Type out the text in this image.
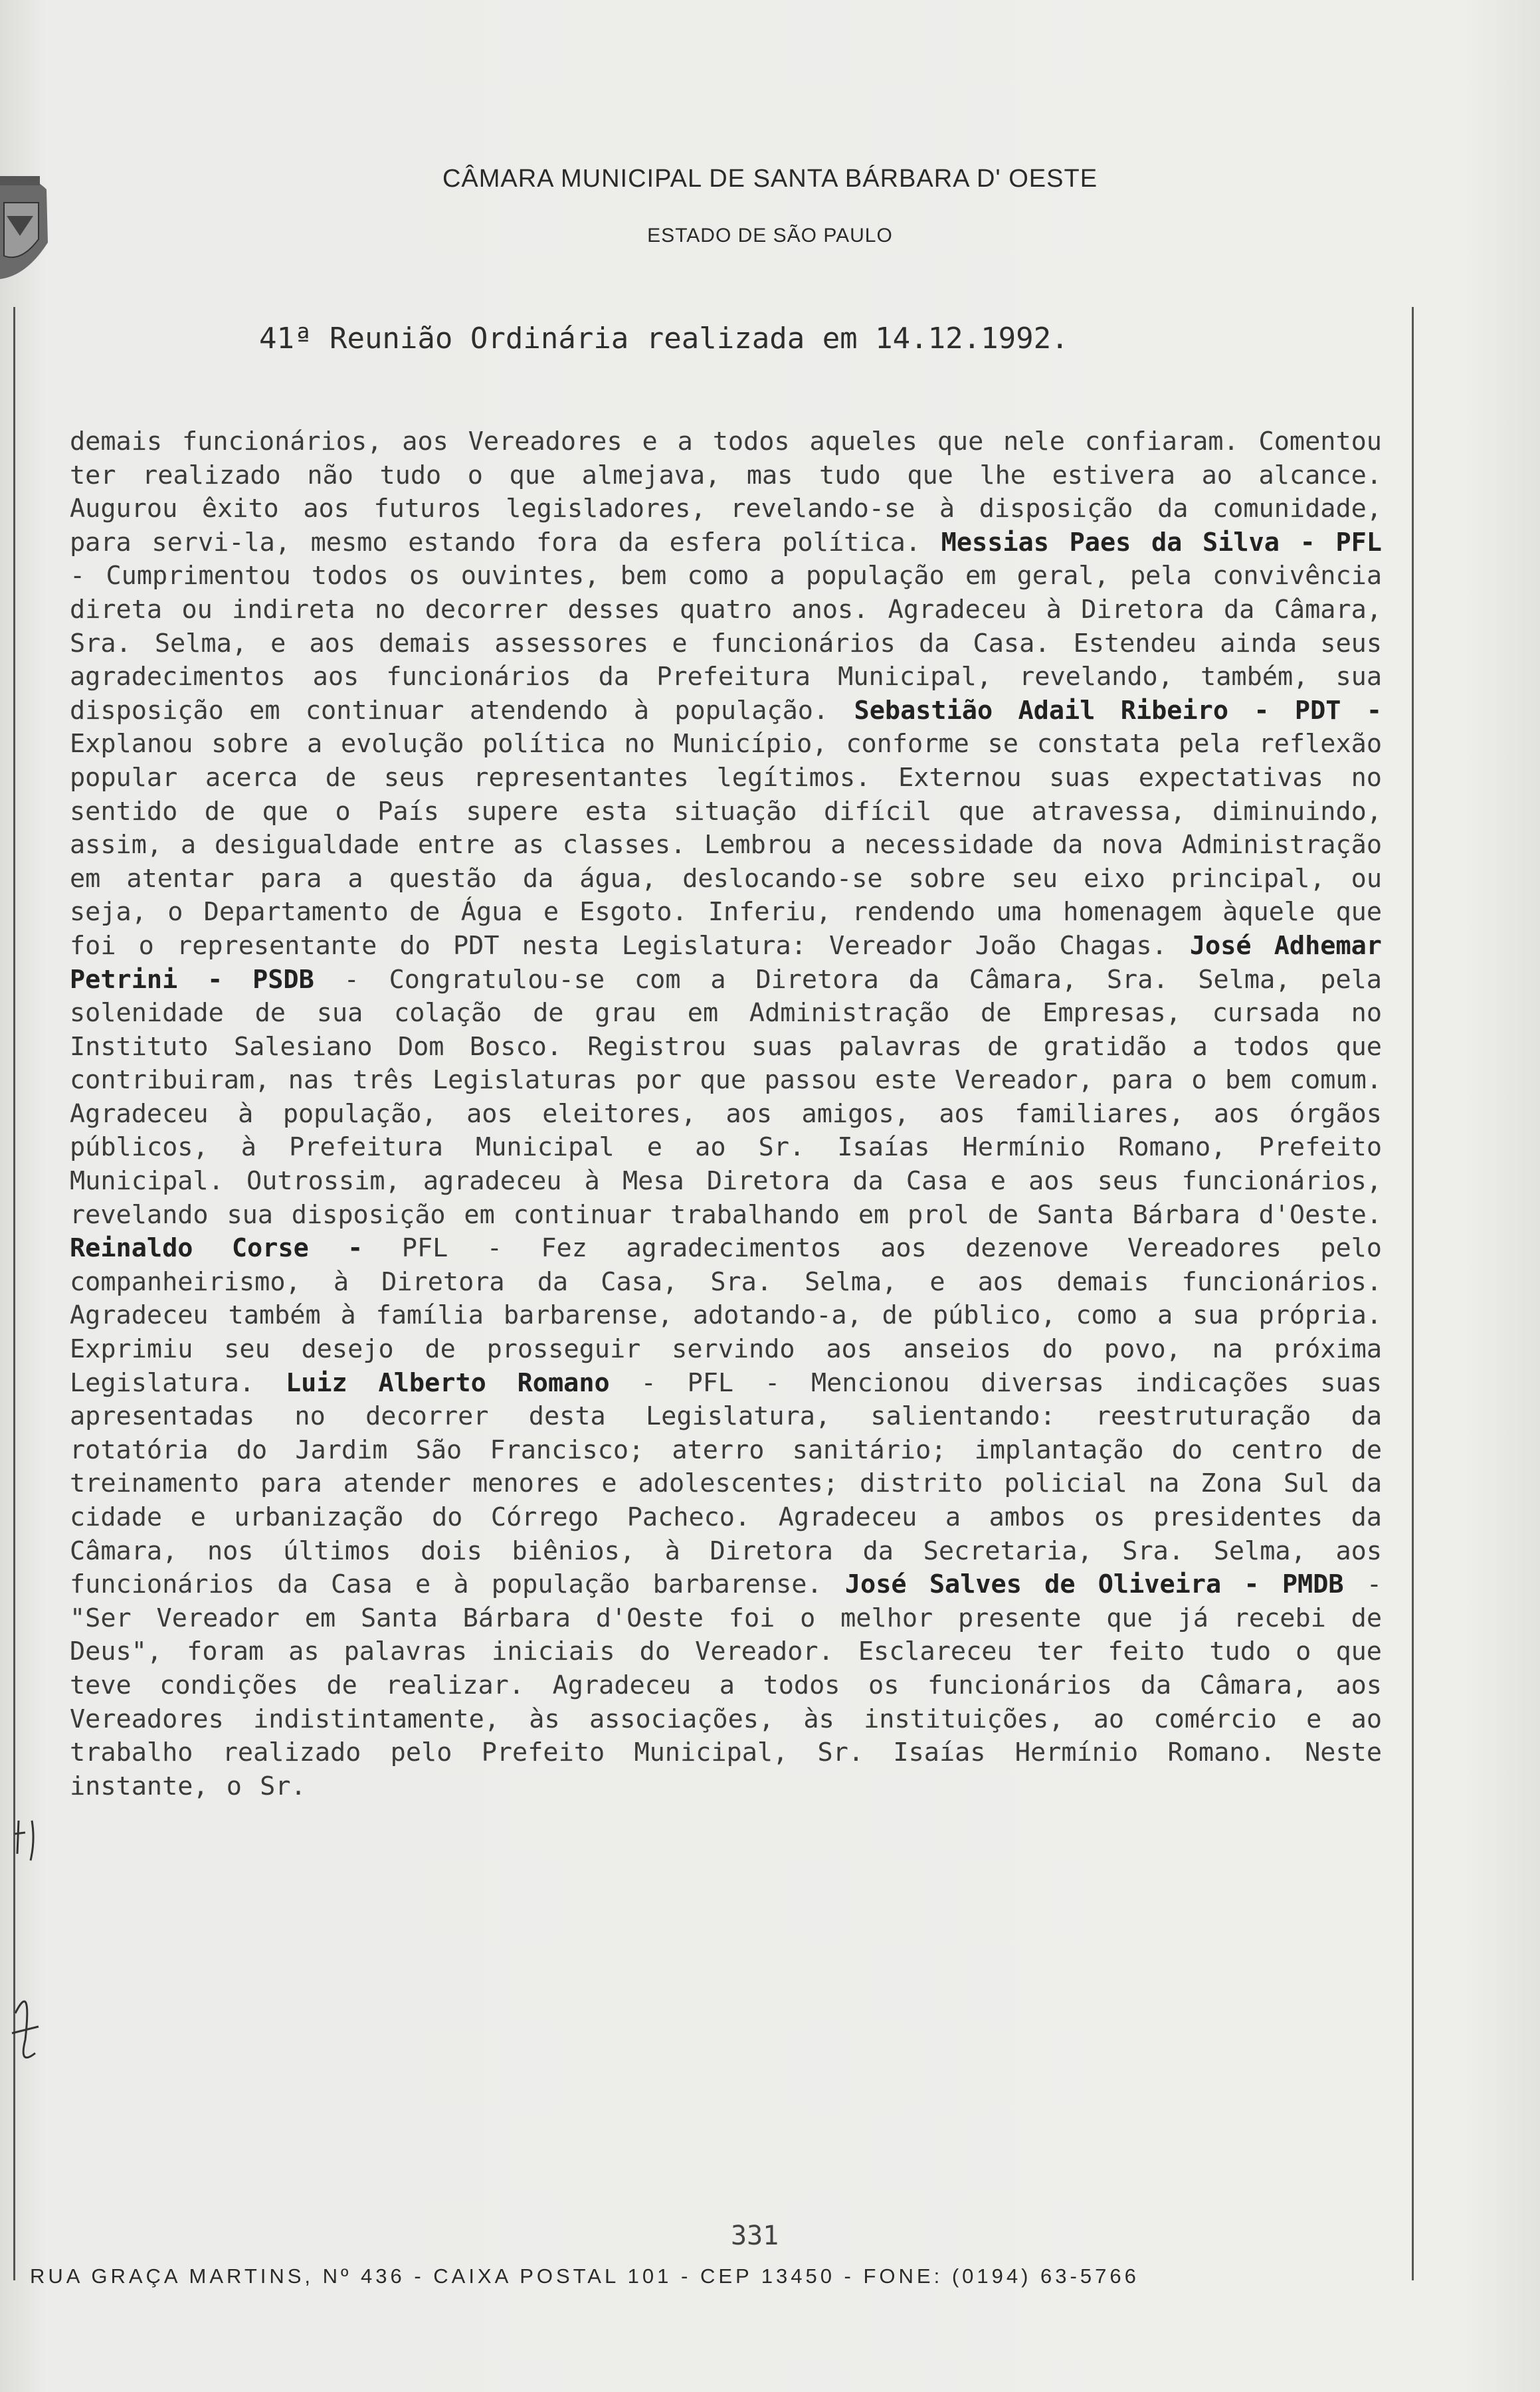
CÂMARA MUNICIPAL DE SANTA BÁRBARA D' OESTE
ESTADO DE SÃO PAULO
41ª Reunião Ordinária realizada em 14.12.1992.
demais funcionários, aos Vereadores e a todos aqueles que nele confiaram. Comentou ter realizado não tudo o que almejava, mas tudo que lhe estivera ao alcance. Augurou êxito aos futuros legisladores, revelando-se à disposição da comunidade, para servi-la, mesmo estando fora da esfera política. Messias Paes da Silva - PFL - Cumprimentou todos os ouvintes, bem como a população em geral, pela convivência direta ou indireta no decorrer desses quatro anos. Agradeceu à Diretora da Câmara, Sra. Selma, e aos demais assessores e funcionários da Casa. Estendeu ainda seus agradecimentos aos funcionários da Prefeitura Municipal, revelando, também, sua disposição em continuar atendendo à população. Sebastião Adail Ribeiro - PDT - Explanou sobre a evolução política no Município, conforme se constata pela reflexão popular acerca de seus representantes legítimos. Externou suas expectativas no sentido de que o País supere esta situação difícil que atravessa, diminuindo, assim, a desigualdade entre as classes. Lembrou a necessidade da nova Administração em atentar para a questão da água, deslocando-se sobre seu eixo principal, ou seja, o Departamento de Água e Esgoto. Inferiu, rendendo uma homenagem àquele que foi o representante do PDT nesta Legislatura: Vereador João Chagas. José Adhemar Petrini - PSDB - Congratulou-se com a Diretora da Câmara, Sra. Selma, pela solenidade de sua colação de grau em Administração de Empresas, cursada no Instituto Salesiano Dom Bosco. Registrou suas palavras de gratidão a todos que contribuiram, nas três Legislaturas por que passou este Vereador, para o bem comum. Agradeceu à população, aos eleitores, aos amigos, aos familiares, aos órgãos públicos, à Prefeitura Municipal e ao Sr. Isaías Hermínio Romano, Prefeito Municipal. Outrossim, agradeceu à Mesa Diretora da Casa e aos seus funcionários, revelando sua disposição em continuar trabalhando em prol de Santa Bárbara d'Oeste. Reinaldo Corse - PFL - Fez agradecimentos aos dezenove Vereadores pelo companheirismo, à Diretora da Casa, Sra. Selma, e aos demais funcionários. Agradeceu também à família barbarense, adotando-a, de público, como a sua própria. Exprimiu seu desejo de prosseguir servindo aos anseios do povo, na próxima Legislatura. Luiz Alberto Romano - PFL - Mencionou diversas indicações suas apresentadas no decorrer desta Legislatura, salientando: reestruturação da rotatória do Jardim São Francisco; aterro sanitário; implantação do centro de treinamento para atender menores e adolescentes; distrito policial na Zona Sul da cidade e urbanização do Córrego Pacheco. Agradeceu a ambos os presidentes da Câmara, nos últimos dois biênios, à Diretora da Secretaria, Sra. Selma, aos funcionários da Casa e à população barbarense. José Salves de Oliveira - PMDB - "Ser Vereador em Santa Bárbara d'Oeste foi o melhor presente que já recebi de Deus", foram as palavras iniciais do Vereador. Esclareceu ter feito tudo o que teve condições de realizar. Agradeceu a todos os funcionários da Câmara, aos Vereadores indistintamente, às associações, às instituições, ao comércio e ao trabalho realizado pelo Prefeito Municipal, Sr. Isaías Hermínio Romano. Neste instante, o Sr.
331
RUA GRAÇA MARTINS, Nº 436 - CAIXA POSTAL 101 - CEP 13450 - FONE: (0194) 63-5766
